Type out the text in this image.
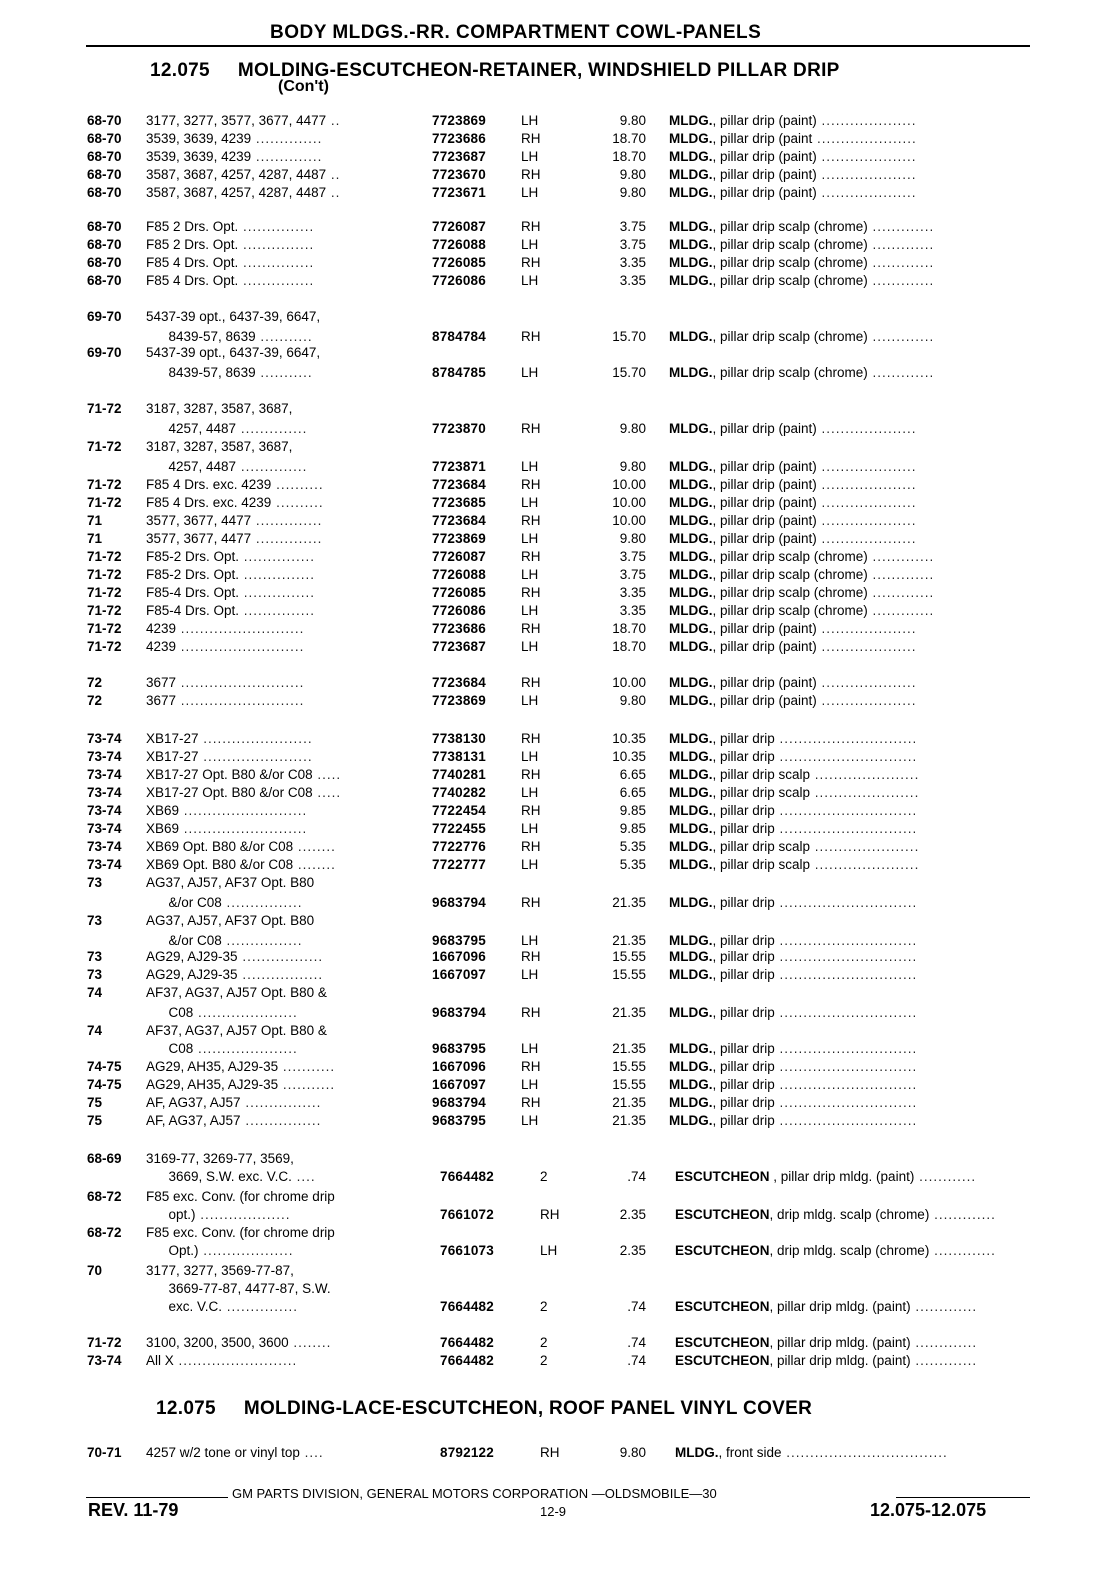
BODY MLDGS.-RR. COMPARTMENT COWL-PANELS
12.075 MOLDING-ESCUTCHEON-RETAINER, WINDSHIELD PILLAR DRIP
(Con't)
68-70 3177, 3277, 3577, 3677, 4477 ..	7723869	LH	9.80 MLDG., pillar drip (paint) ....................
68-70 3539, 3639, 4239 ..............	7723686	RH	18.70 MLDG., pillar drip (paint .....................
68-70 3539, 3639, 4239 ..............	7723687	LH	18.70 MLDG., pillar drip (paint) ....................
68-70 3587, 3687, 4257, 4287, 4487 ..	7723670	RH	9.80 MLDG., pillar drip (paint) ....................
68-70 3587, 3687, 4257, 4287, 4487 ..	7723671	LH	9.80 MLDG., pillar drip (paint) ....................
68-70 F85 2 Drs. Opt. ...............	7726087	RH	3.75 MLDG., pillar drip scalp (chrome) .............
68-70 F85 2 Drs. Opt. ...............	7726088	LH	3.75 MLDG., pillar drip scalp (chrome) .............
68-70 F85 4 Drs. Opt. ...............	7726085	RH	3.35 MLDG., pillar drip scalp (chrome) .............
68-70 F85 4 Drs. Opt. ...............	7726086	LH	3.35 MLDG., pillar drip scalp (chrome) .............
69-70 5437-39 opt., 6437-39, 6647,
8439-57, 8639 ...........	8784784	RH	15.70 MLDG., pillar drip scalp (chrome) .............
69-70 5437-39 opt., 6437-39, 6647,
8439-57, 8639 ...........	8784785	LH	15.70 MLDG., pillar drip scalp (chrome) .............
71-72 3187, 3287, 3587, 3687,
4257, 4487 ..............	7723870	RH	9.80 MLDG., pillar drip (paint) ....................
71-72 3187, 3287, 3587, 3687,
4257, 4487 ..............	7723871	LH	9.80 MLDG., pillar drip (paint) ....................
71-72 F85 4 Drs. exc. 4239 ..........	7723684	RH	10.00 MLDG., pillar drip (paint) ....................
71-72 F85 4 Drs. exc. 4239 ..........	7723685	LH	10.00 MLDG., pillar drip (paint) ....................
71	3577, 3677, 4477 ..............	7723684	RH	10.00 MLDG., pillar drip (paint) ....................
71	3577, 3677, 4477 ..............	7723869	LH	9.80 MLDG., pillar drip (paint) ....................
71-72 F85-2 Drs. Opt. ...............	7726087	RH	3.75 MLDG., pillar drip scalp (chrome) .............
71-72 F85-2 Drs. Opt. ...............	7726088	LH	3.75 MLDG., pillar drip scalp (chrome) .............
71-72 F85-4 Drs. Opt. ...............	7726085	RH	3.35 MLDG., pillar drip scalp (chrome) .............
71-72 F85-4 Drs. Opt. ...............	7726086	LH	3.35 MLDG., pillar drip scalp (chrome) .............
71-72 4239 ..........................	7723686	RH	18.70 MLDG., pillar drip (paint) ....................
71-72 4239 ..........................	7723687	LH	18.70 MLDG., pillar drip (paint) ....................
72	3677 ..........................	7723684	RH	10.00 MLDG., pillar drip (paint) ....................
72	3677 ..........................	7723869	LH	9.80 MLDG., pillar drip (paint) ....................
73-74 XB17-27 .......................	7738130	RH	10.35 MLDG., pillar drip .............................
73-74 XB17-27 .......................	7738131	LH	10.35 MLDG., pillar drip .............................
73-74 XB17-27 Opt. B80 &/or C08 .....	7740281	RH	6.65 MLDG., pillar drip scalp ......................
73-74 XB17-27 Opt. B80 &/or C08 .....	7740282	LH	6.65 MLDG., pillar drip scalp ......................
73-74 XB69 ..........................	7722454	RH	9.85 MLDG., pillar drip .............................
73-74 XB69 ..........................	7722455	LH	9.85 MLDG., pillar drip .............................
73-74 XB69 Opt. B80 &/or C08 ........	7722776	RH	5.35 MLDG., pillar drip scalp ......................
73-74 XB69 Opt. B80 &/or C08 ........	7722777	LH	5.35 MLDG., pillar drip scalp ......................
73	AG37, AJ57, AF37 Opt. B80
&/or C08 ................	9683794	RH	21.35 MLDG., pillar drip .............................
73	AG37, AJ57, AF37 Opt. B80
&/or C08 ................	9683795	LH	21.35 MLDG., pillar drip .............................
73	AG29, AJ29-35 .................	1667096	RH	15.55 MLDG., pillar drip .............................
73	AG29, AJ29-35 .................	1667097	LH	15.55 MLDG., pillar drip .............................
74	AF37, AG37, AJ57 Opt. B80 &
C08 .....................	9683794	RH	21.35 MLDG., pillar drip .............................
74	AF37, AG37, AJ57 Opt. B80 &
C08 .....................	9683795	LH	21.35 MLDG., pillar drip .............................
74-75 AG29, AH35, AJ29-35 ...........	1667096	RH	15.55 MLDG., pillar drip .............................
74-75 AG29, AH35, AJ29-35 ...........	1667097	LH	15.55 MLDG., pillar drip .............................
75	AF, AG37, AJ57 ................	9683794	RH	21.35 MLDG., pillar drip .............................
75	AF, AG37, AJ57 ................	9683795	LH	21.35 MLDG., pillar drip .............................
68-69 3169-77, 3269-77, 3569,
3669, S.W. exc. V.C. ....	7664482	2	.74 ESCUTCHEON , pillar drip mldg. (paint) ............
68-72 F85 exc. Conv. (for chrome drip
opt.) ...................	7661072	RH	2.35 ESCUTCHEON, drip mldg. scalp (chrome) .............
68-72 F85 exc. Conv. (for chrome drip
Opt.) ...................	7661073	LH	2.35 ESCUTCHEON, drip mldg. scalp (chrome) .............
70	3177, 3277, 3569-77-87,
3669-77-87, 4477-87, S.W.
exc. V.C. ...............	7664482	2	.74 ESCUTCHEON, pillar drip mldg. (paint) .............
71-72 3100, 3200, 3500, 3600 ........	7664482	2	.74 ESCUTCHEON, pillar drip mldg. (paint) .............
73-74 All X .........................	7664482	2	.74 ESCUTCHEON, pillar drip mldg. (paint) .............
12.075 MOLDING-LACE-ESCUTCHEON, ROOF PANEL VINYL COVER
70-71 4257 w/2 tone or vinyl top ....	8792122	RH	9.80 MLDG., front side ..................................
GM PARTS DIVISION, GENERAL MOTORS CORPORATION —OLDSMOBILE—30
REV. 11-79	12-9	12.075-12.075
